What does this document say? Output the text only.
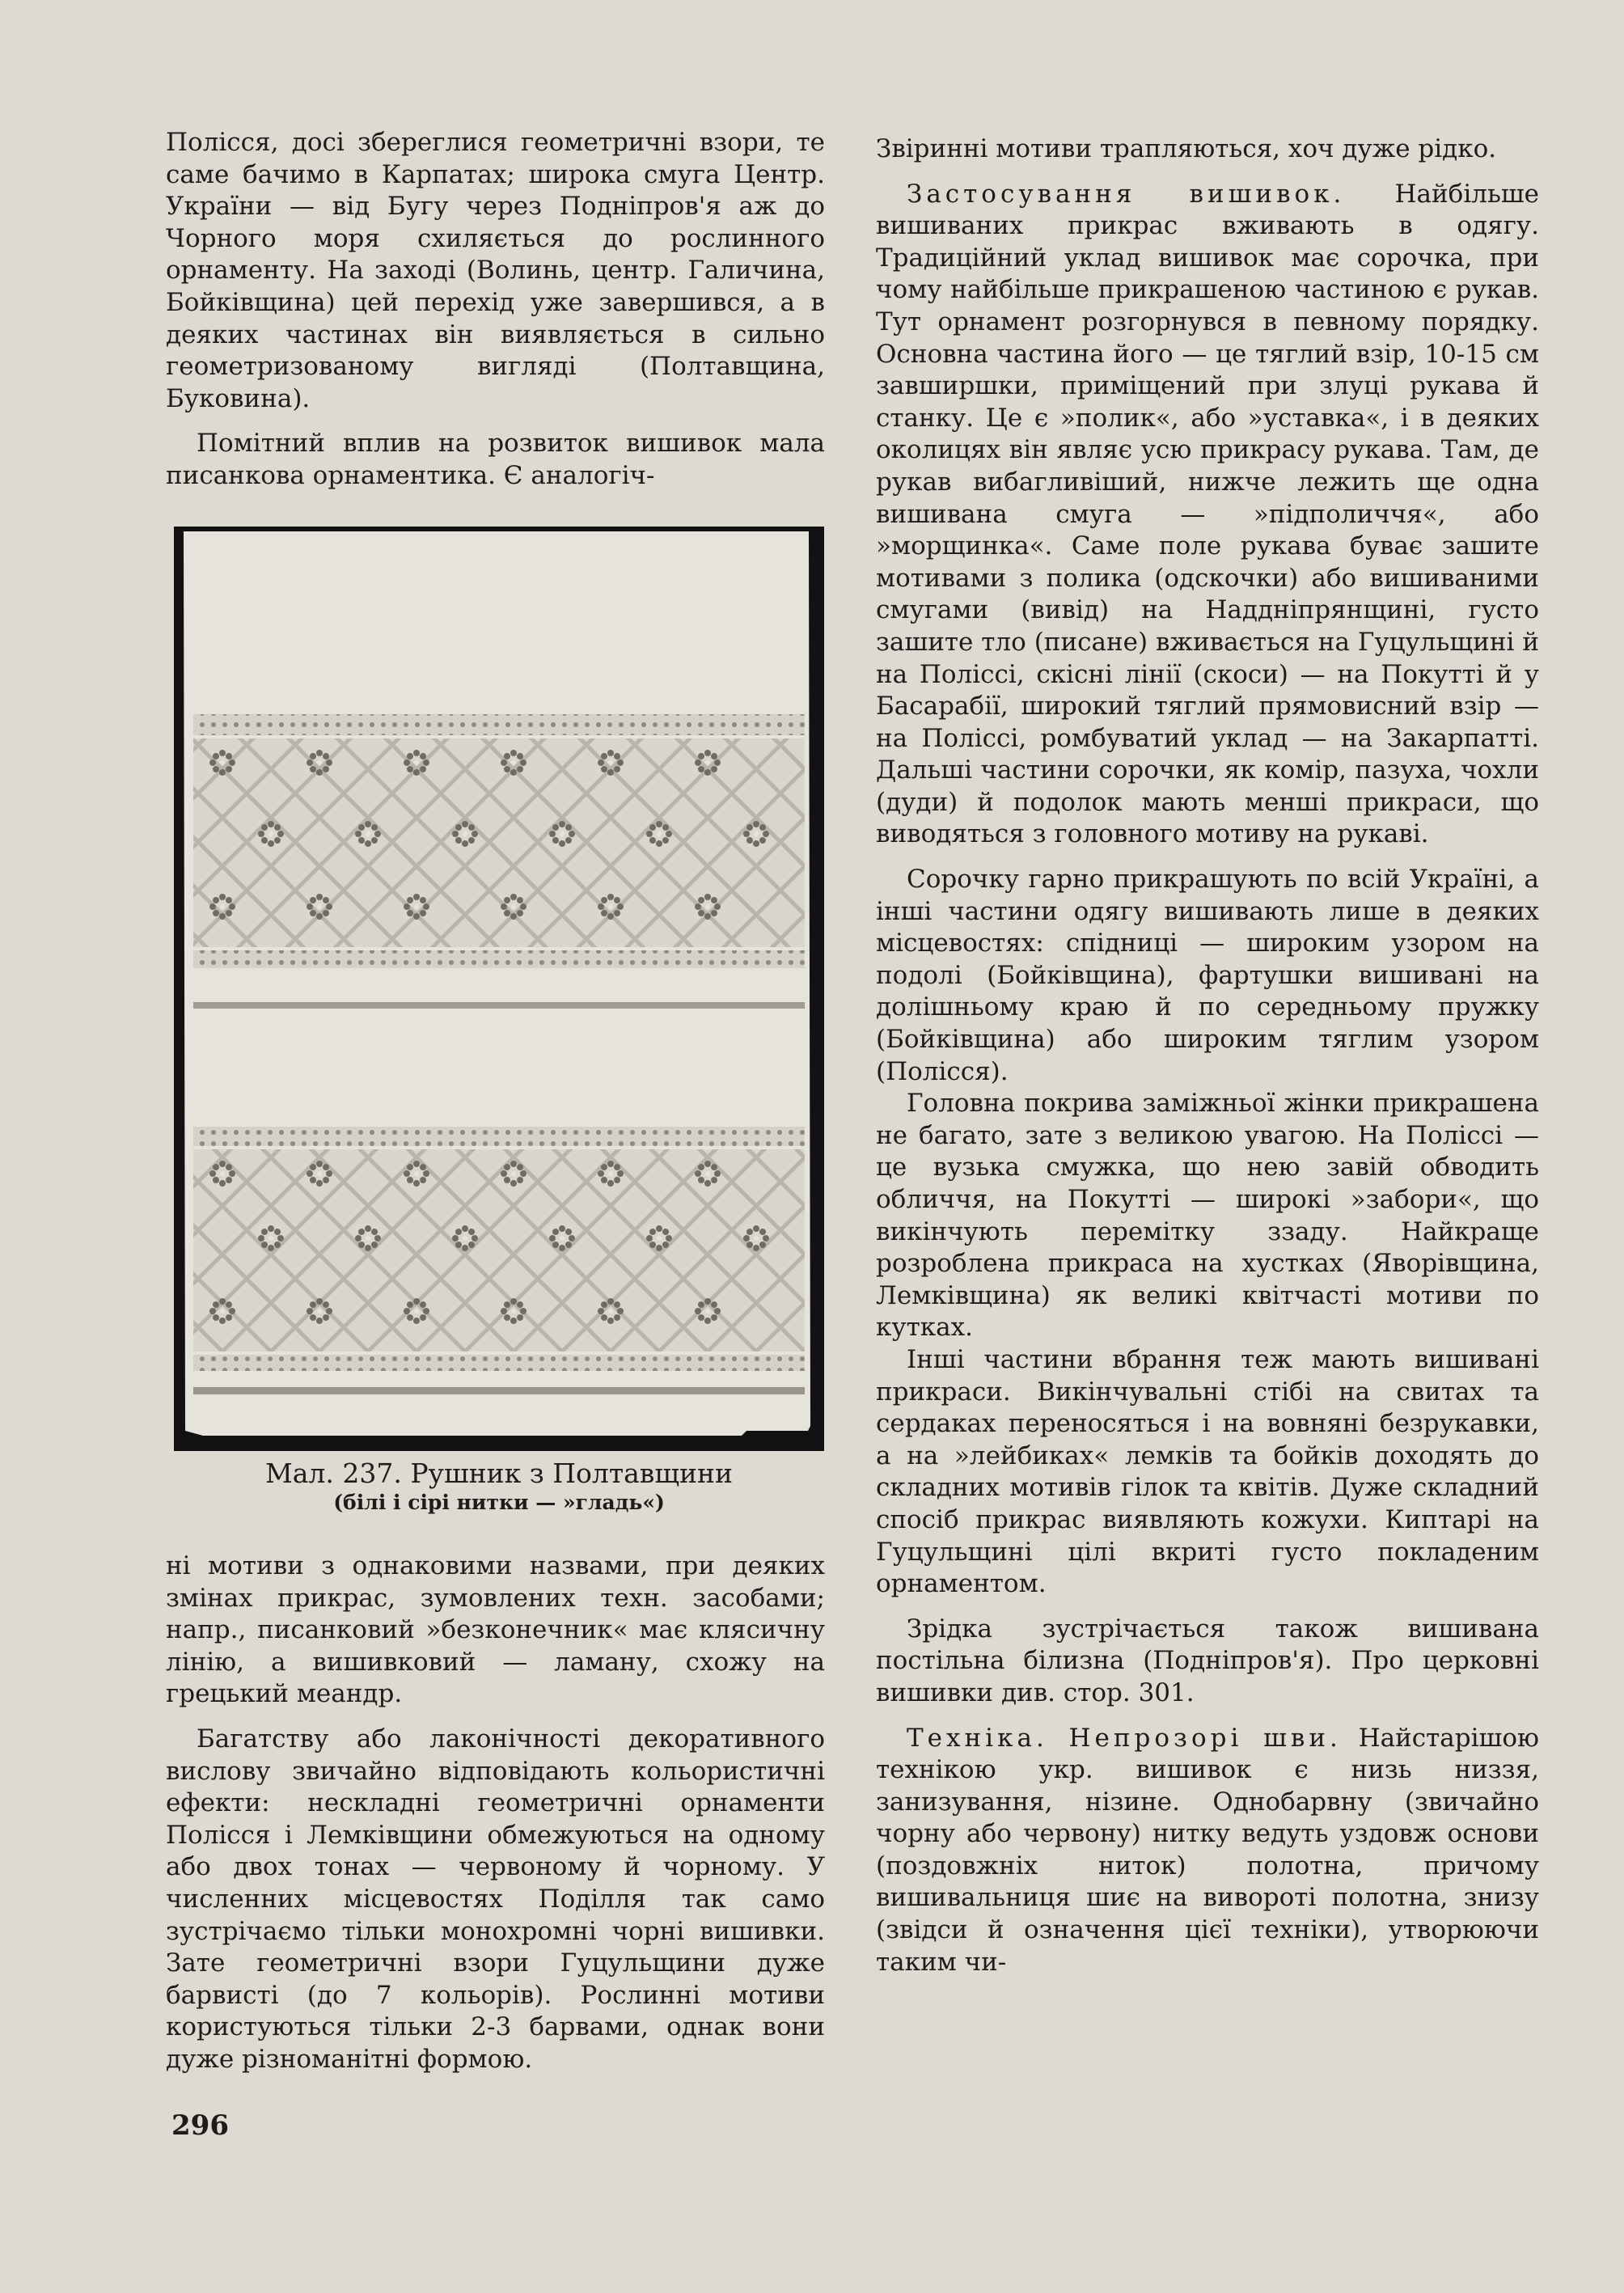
Полісся, досі збереглися геометричні взори, те саме бачимо в Карпатах; широка смуга Центр. України — від Бугу через Подніпров'я аж до Чорного моря схиляється до рослинного орнаменту. На заході (Волинь, центр. Галичина, Бойківщина) цей перехід уже завершився, а в деяких частинах він виявляється в сильно геометризованому вигляді (Полтавщина, Буковина).

Помітний вплив на розвиток вишивок мала писанкова орнаментика. Є аналогіч-

Мал. 237. Рушник з Полтавщини
(білі і сірі нитки — »гладь«)

ні мотиви з однаковими назвами, при деяких змінах прикрас, зумовлених техн. засобами; напр., писанковий »безконечник« має клясичну лінію, а вишивковий — ламану, схожу на грецький меандр.

Багатству або лаконічності декоративного вислову звичайно відповідають кольористичні ефекти: нескладні геометричні орнаменти Полісся і Лемківщини обмежуються на одному або двох тонах — червоному й чорному. У численних місцевостях Поділля так само зустрічаємо тільки монохромні чорні вишивки. Зате геометричні взори Гуцульщини дуже барвисті (до 7 кольорів). Рослинні мотиви користуються тільки 2-3 барвами, однак вони дуже різноманітні формою.

Звіринні мотиви трапляються, хоч дуже рідко.

Застосування вишивок. Найбільше вишиваних прикрас вживають в одягу. Традиційний уклад вишивок має сорочка, при чому найбільше прикрашеною частиною є рукав. Тут орнамент розгорнувся в певному порядку. Основна частина його — це тяглий взір, 10-15 см завширшки, приміщений при злуці рукава й станку. Це є »полик«, або »уставка«, і в деяких околицях він являє усю прикрасу рукава. Там, де рукав вибагливіший, нижче лежить ще одна вишивана смуга — »підполиччя«, або »морщинка«. Саме поле рукава буває зашите мотивами з полика (одскочки) або вишиваними смугами (вивід) на Наддніпрянщині, густо зашите тло (писане) вживається на Гуцульщині й на Поліссі, скісні лінії (скоси) — на Покутті й у Басарабії, широкий тяглий прямовисний взір — на Поліссі, ромбуватий уклад — на Закарпатті. Дальші частини сорочки, як комір, пазуха, чохли (дуди) й подолок мають менші прикраси, що виводяться з головного мотиву на рукаві.

Сорочку гарно прикрашують по всій Україні, а інші частини одягу вишивають лише в деяких місцевостях: спідниці — широким узором на подолі (Бойківщина), фартушки вишивані на долішньому краю й по середньому пружку (Бойківщина) або широким тяглим узором (Полісся).

Головна покрива заміжньої жінки прикрашена не багато, зате з великою увагою. На Поліссі — це вузька смужка, що нею завій обводить обличчя, на Покутті — широкі »забори«, що викінчують перемітку ззаду. Найкраще розроблена прикраса на хустках (Яворівщина, Лемківщина) як великі квітчасті мотиви по кутках.

Інші частини вбрання теж мають вишивані прикраси. Викінчувальні стібі на свитах та сердаках переносяться і на вовняні безрукавки, а на »лейбиках« лемків та бойків доходять до складних мотивів гілок та квітів. Дуже складний спосіб прикрас виявляють кожухи. Киптарі на Гуцульщині цілі вкриті густо покладеним орнаментом.

Зрідка зустрічається також вишивана постільна білизна (Подніпров'я). Про церковні вишивки див. стор. 301.

Техніка. Непрозорі шви. Найстарішою технікою укр. вишивок є низь низзя, занизування, нізине. Однобарвну (звичайно чорну або червону) нитку ведуть уздовж основи (поздовжніх ниток) полотна, причому вишивальниця шиє на вивороті полотна, знизу (звідси й означення цієї техніки), утворюючи таким чи-

296
